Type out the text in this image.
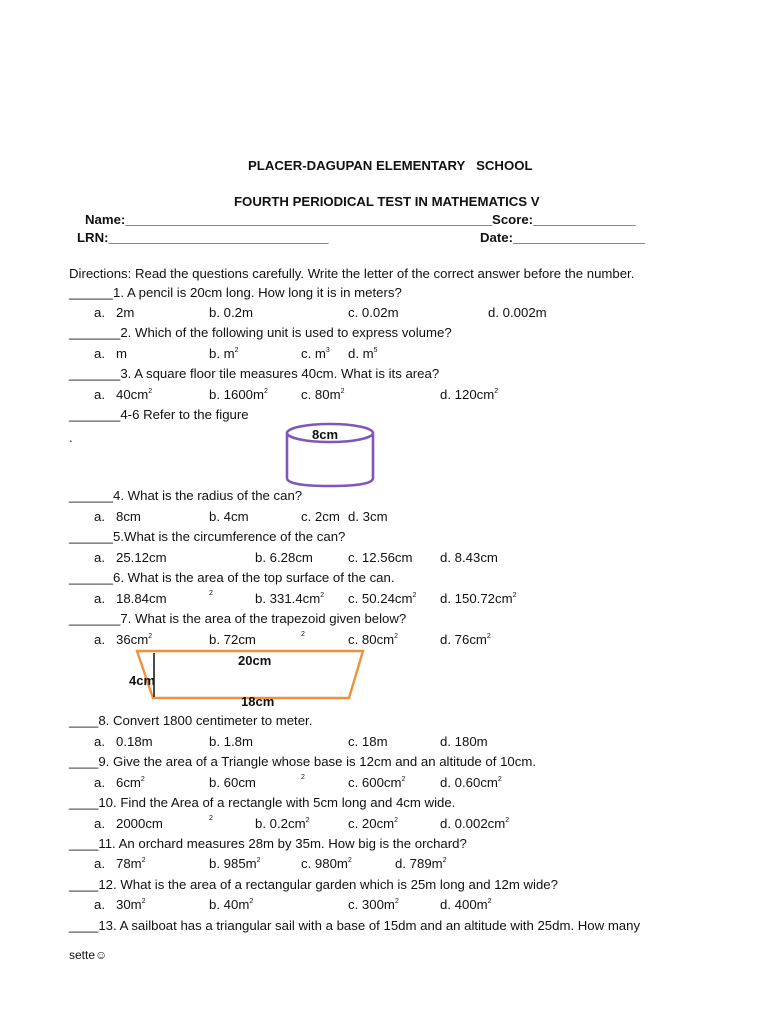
PLACER-DAGUPAN ELEMENTARY   SCHOOL
FOURTH PERIODICAL TEST IN MATHEMATICS V
Name:__________________________________________________Score:______________
LRN:______________________________	Date:__________________
Directions: Read the questions carefully. Write the letter of the correct answer before the number.
______1. A pencil is 20cm long. How long it is in meters?
a.   2m	b. 0.2m	c. 0.02m	d. 0.002m
_______2. Which of the following unit is used to express volume?
a.   m	b. $m^2$	c. $m^3$ d. $m^5$
_______3. A square floor tile measures 40cm. What is its area?
a.   $40cm^2$	b. $1600m^2$	c. $80m^2$	d. $120cm^2$
_______4-6 Refer to the figure
.	8cm
______4. What is the radius of the can?
a.   8cm	b. 4cm	c. 2cm d. 3cm
______5.What is the circumference of the can?
a.   25.12cm	b. 6.28cm	c. 12.56cm d. 8.43cm
______6. What is the area of the top surface of the can.
a.   18.84cm	2	b. $331.4cm^2$ c. $50.24cm^2$ d. $150.72cm^2$
_______7. What is the area of the trapezoid given below?
a.   $36cm^2$	b. 72cm	2	c. $80cm^2$	d. $76cm^2$
20cm
4cm
18cm
____8. Convert 1800 centimeter to meter.
a.   0.18m	b. 1.8m	c. 18m	d. 180m
____9. Give the area of a Triangle whose base is 12cm and an altitude of 10cm.
a.   $6cm^2$	b. 60cm	2	c. $600cm^2$	d. $0.60cm^2$
____10. Find the Area of a rectangle with 5cm long and 4cm wide.
a.   2000cm	2	b. $0.2cm^2$	c. $20cm^2$	d. $0.002cm^2$
____11. An orchard measures 28m by 35m. How big is the orchard?
a.   $78m^2$	b. $985m^2$	c. $980m^2$	d. $789m^2$
____12. What is the area of a rectangular garden which is 25m long and 12m wide?
a.   $30m^2$	b. $40m^2$	c. $300m^2$	d. $400m^2$
____13. A sailboat has a triangular sail with a base of 15dm and an altitude with 25dm. How many
sette☺
